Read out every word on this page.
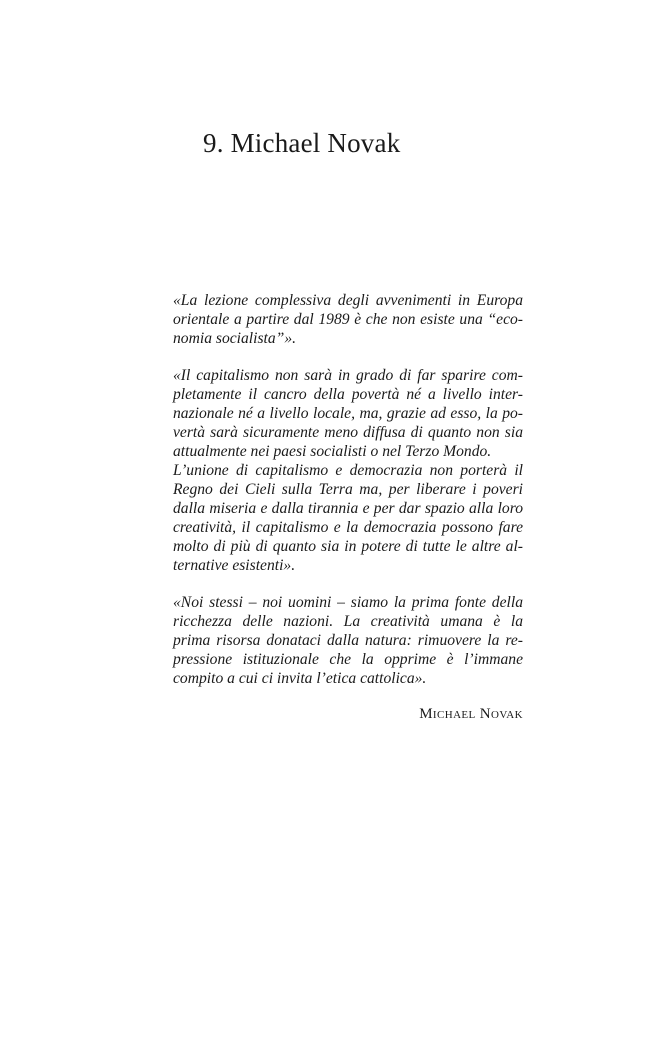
9. Michael Novak

«La lezione complessiva degli avvenimenti in Europa
orientale a partire dal 1989 è che non esiste una “eco-
nomia socialista”».

«Il capitalismo non sarà in grado di far sparire com-
pletamente il cancro della povertà né a livello inter-
nazionale né a livello locale, ma, grazie ad esso, la po-
vertà sarà sicuramente meno diffusa di quanto non sia
attualmente nei paesi socialisti o nel Terzo Mondo.
L’unione di capitalismo e democrazia non porterà il
Regno dei Cieli sulla Terra ma, per liberare i poveri
dalla miseria e dalla tirannia e per dar spazio alla loro
creatività, il capitalismo e la democrazia possono fare
molto di più di quanto sia in potere di tutte le altre al-
ternative esistenti».

«Noi stessi – noi uomini – siamo la prima fonte della
ricchezza delle nazioni. La creatività umana è la
prima risorsa donataci dalla natura: rimuovere la re-
pressione istituzionale che la opprime è l’immane
compito a cui ci invita l’etica cattolica».

Michael Novak
